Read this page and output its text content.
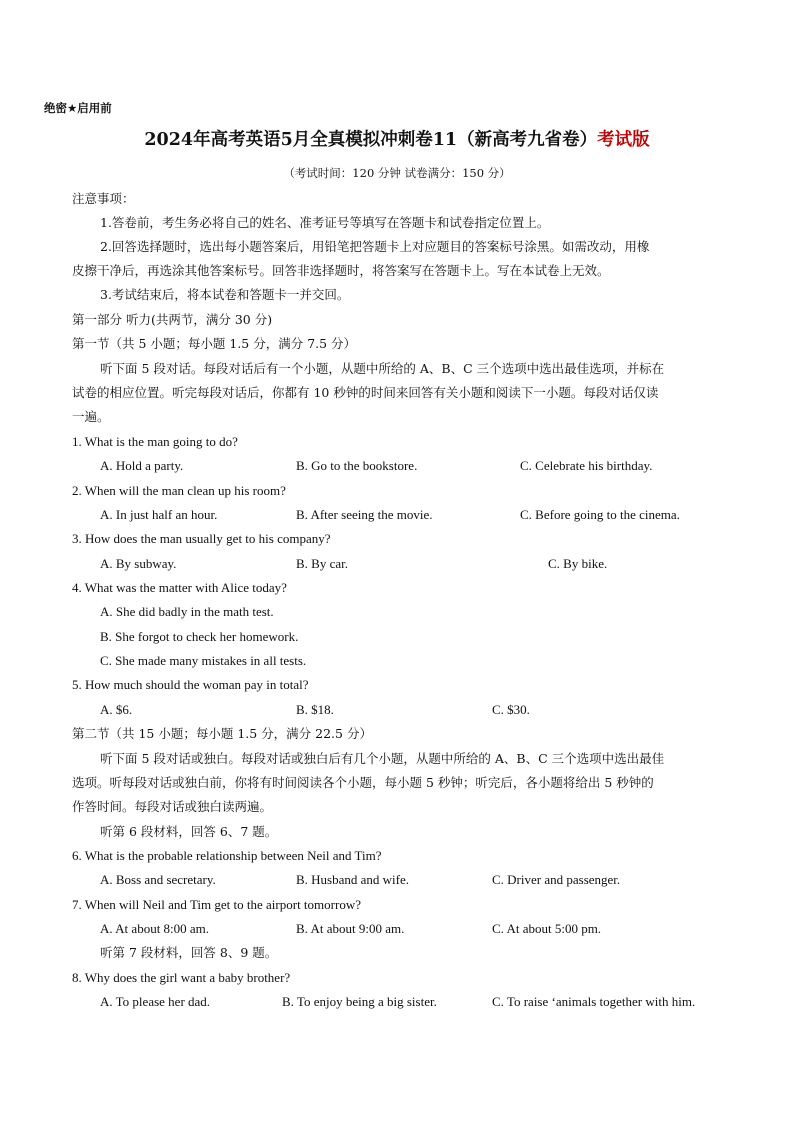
绝密★启用前
2024年高考英语5月全真模拟冲刺卷11（新高考九省卷）考试版
（考试时间：120 分钟 试卷满分：150 分）
注意事项：
1.答卷前，考生务必将自己的姓名、准考证号等填写在答题卡和试卷指定位置上。
2.回答选择题时，选出每小题答案后，用铅笔把答题卡上对应题目的答案标号涂黑。如需改动，用橡
皮擦干净后，再选涂其他答案标号。回答非选择题时，将答案写在答题卡上。写在本试卷上无效。
3.考试结束后，将本试卷和答题卡一并交回。
第一部分 听力(共两节，满分 30 分)
第一节（共 5 小题；每小题 1.5 分，满分 7.5 分）
听下面 5 段对话。每段对话后有一个小题，从题中所给的 A、B、C 三个选项中选出最佳选项，并标在
试卷的相应位置。听完每段对话后，你都有 10 秒钟的时间来回答有关小题和阅读下一小题。每段对话仅读
一遍。
1. What is the man going to do?
A. Hold a party.	B. Go to the bookstore.	C. Celebrate his birthday.
2. When will the man clean up his room?
A. In just half an hour.	B. After seeing the movie.	C. Before going to the cinema.
3. How does the man usually get to his company?
A. By subway.	B. By car.	C. By bike.
4. What was the matter with Alice today?
A. She did badly in the math test.
B. She forgot to check her homework.
C. She made many mistakes in all tests.
5. How much should the woman pay in total?
A. $6.	B. $18.	C. $30.
第二节（共 15 小题；每小题 1.5 分，满分 22.5 分）
听下面 5 段对话或独白。每段对话或独白后有几个小题，从题中所给的 A、B、C 三个选项中选出最佳
选项。听每段对话或独白前，你将有时间阅读各个小题，每小题 5 秒钟；听完后，各小题将给出 5 秒钟的
作答时间。每段对话或独白读两遍。
听第 6 段材料，回答 6、7 题。
6. What is the probable relationship between Neil and Tim?
A. Boss and secretary.	B. Husband and wife.	C. Driver and passenger.
7. When will Neil and Tim get to the airport tomorrow?
A. At about 8:00 am.	B. At about 9:00 am.	C. At about 5:00 pm.
听第 7 段材料，回答 8、9 题。
8. Why does the girl want a baby brother?
A. To please her dad.	B. To enjoy being a big sister.	C. To raise ‘animals together with him.
